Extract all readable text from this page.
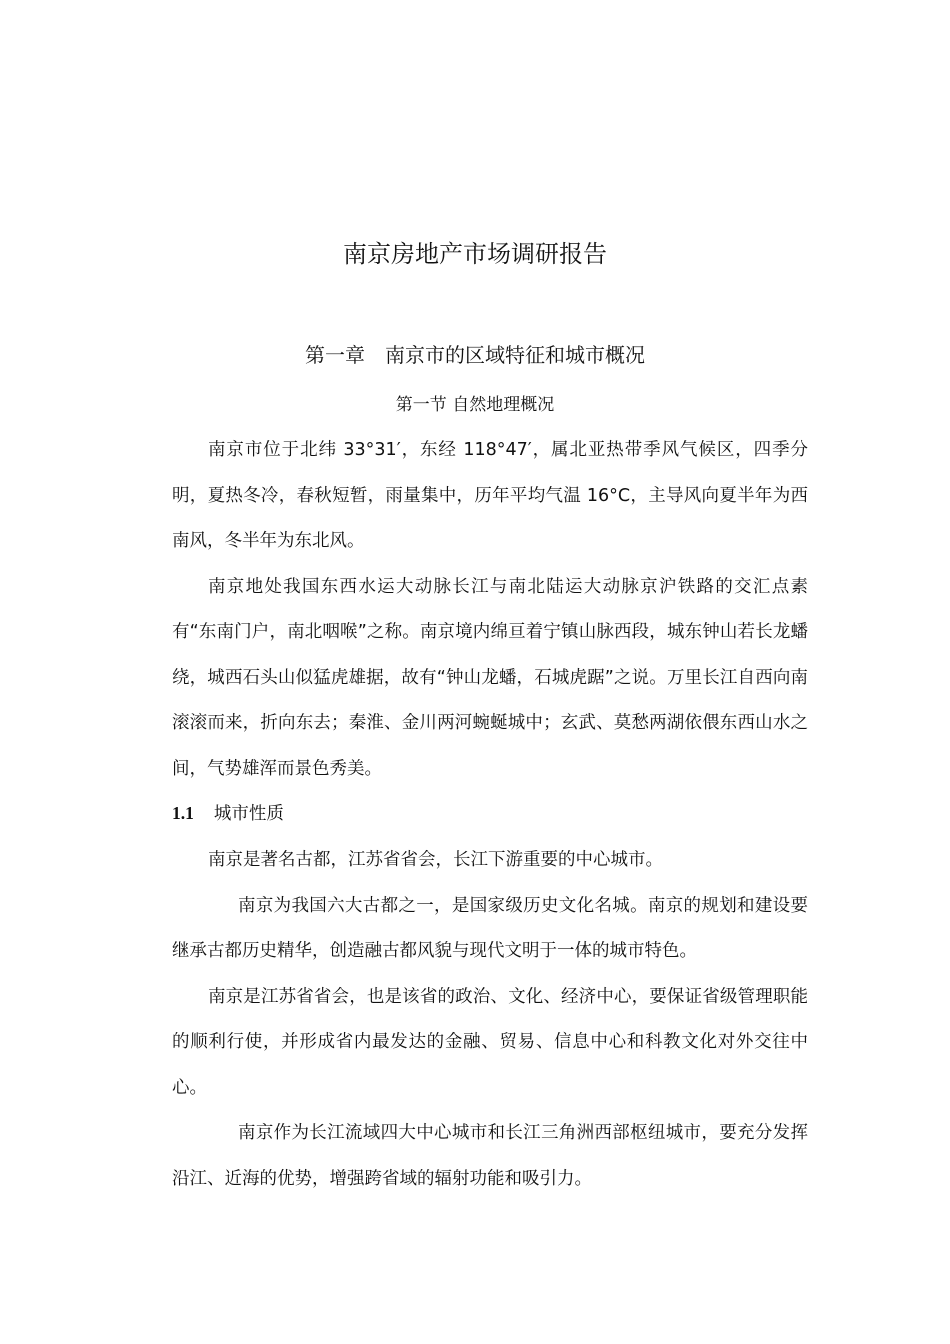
南京房地产市场调研报告
第一章　南京市的区域特征和城市概况
第一节 自然地理概况

南京市位于北纬 33°31′，东经 118°47′，属北亚热带季风气候区，四季分明，夏热冬冷，春秋短暂，雨量集中，历年平均气温 16°C，主导风向夏半年为西南风，冬半年为东北风。

南京地处我国东西水运大动脉长江与南北陆运大动脉京沪铁路的交汇点素有“东南门户，南北咽喉”之称。南京境内绵亘着宁镇山脉西段，城东钟山若长龙蟠绕，城西石头山似猛虎雄据，故有“钟山龙蟠，石城虎踞”之说。万里长江自西向南滚滚而来，折向东去；秦淮、金川两河蜿蜒城中；玄武、莫愁两湖依偎东西山水之间，气势雄浑而景色秀美。

1.1 城市性质

南京是著名古都，江苏省省会，长江下游重要的中心城市。

南京为我国六大古都之一，是国家级历史文化名城。南京的规划和建设要继承古都历史精华，创造融古都风貌与现代文明于一体的城市特色。

南京是江苏省省会，也是该省的政治、文化、经济中心，要保证省级管理职能的顺利行使，并形成省内最发达的金融、贸易、信息中心和科教文化对外交往中心。

南京作为长江流域四大中心城市和长江三角洲西部枢纽城市，要充分发挥沿江、近海的优势，增强跨省域的辐射功能和吸引力。
